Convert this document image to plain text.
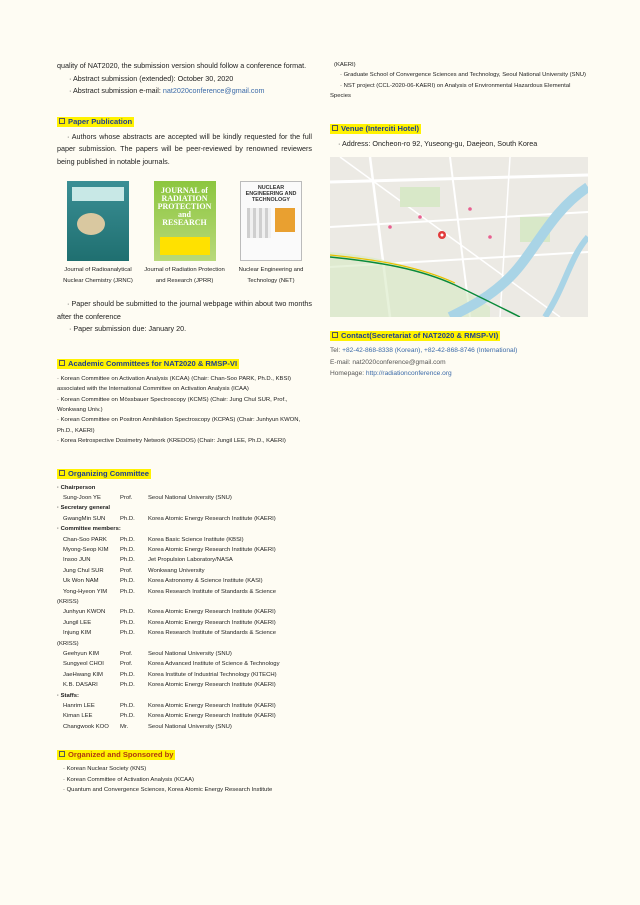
quality of NAT2020, the submission version should follow a conference format.

· Abstract submission (extended): October 30, 2020
· Abstract submission e-mail: nat2020conference@gmail.com
Paper Publication

· Authors whose abstracts are accepted will be kindly requested for the full paper submission. The papers will be peer-reviewed by renowned reviewers being published in notable journals.

Journal of Radioanalytical Nuclear Chemistry (JRNC)
JOURNAL of RADIATION PROTECTION and RESEARCH
Journal of Radiation Protection and Research (JPRR)
NUCLEAR ENGINEERING AND TECHNOLOGY
Nuclear Engineering and Technology (NET)

· Paper should be submitted to the journal webpage within about two months after the conference

· Paper submission due: January 20.
Academic Committees for NAT2020 & RMSP-VI
· Korean Committee on Activation Analysis (KCAA) (Chair: Chan-Soo PARK, Ph.D., KBSI) associated with the International Committee on Activation Analysis (ICAA)
· Korean Committee on Mössbauer Spectroscopy (KCMS) (Chair: Jung Chul SUR, Prof., Wonkwang Univ.)
· Korean Committee on Positron Annihilation Spectroscopy (KCPAS) (Chair: Junhyun KWON, Ph.D., KAERI)
· Korea Retrospective Dosimetry Network (KREDOS) (Chair: Jungil LEE, Ph.D., KAERI)
Organizing Committee
· Chairperson
Sung-Joon YE	Prof.	Seoul National University (SNU)
· Secretary general
GwangMin SUN	Ph.D.	Korea Atomic Energy Research Institute (KAERI)
· Committee members:
Chan-Soo PARK	Ph.D.	Korea Basic Science Institute (KBSI)
Myong-Seop KIM	Ph.D.	Korea Atomic Energy Research Institute (KAERI)
Insoo JUN	Ph.D.	Jet Propulsion Laboratory/NASA
Jung Chul SUR	Prof.	Wonkwang University
Uk Won NAM	Ph.D.	Korea Astronomy & Science Institute (KASI)
Yong-Hyeon YIM	Ph.D.	Korea Research Institute of Standards & Science
(KRISS)
Junhyun KWON	Ph.D.	Korea Atomic Energy Research Institute (KAERI)
Jungil LEE	Ph.D.	Korea Atomic Energy Research Institute (KAERI)
Injung KIM	Ph.D.	Korea Research Institute of Standards & Science
(KRISS)
Geehyun KIM	Prof.	Seoul National University (SNU)
Sungyeol CHOI	Prof.	Korea Advanced Institute of Science & Technology
JaeHwang KIM	Ph.D.	Korea Institute of Industrial Technology (KITECH)
K.B. DASARI	Ph.D.	Korea Atomic Energy Research Institute (KAERI)
· Staffs:
Hanrim LEE	Ph.D.	Korea Atomic Energy Research Institute (KAERI)
Kiman LEE	Ph.D.	Korea Atomic Energy Research Institute (KAERI)
Changwook KOO	Mr.	Seoul National University (SNU)
Organized and Sponsored by
· Korean Nuclear Society (KNS)
· Korean Committee of Activation Analysis (KCAA)
· Quantum and Convergence Sciences, Korea Atomic Energy Research Institute
(KAERI)
· Graduate School of Convergence Sciences and Technology, Seoul National University (SNU)
· NST project (CCL-2020-06-KAERI) on Analysis of Environmental Hazardous Elemental Species
Venue (Interciti Hotel)
· Address: Oncheon-ro 92, Yuseong-gu, Daejeon, South Korea
Contact(Secretariat of NAT2020 & RMSP-VI)
Tel: +82-42-868-8338 (Korean), +82-42-868-8746 (International)
E-mail: nat2020conference@gmail.com
Homepage: http://radiationconference.org
